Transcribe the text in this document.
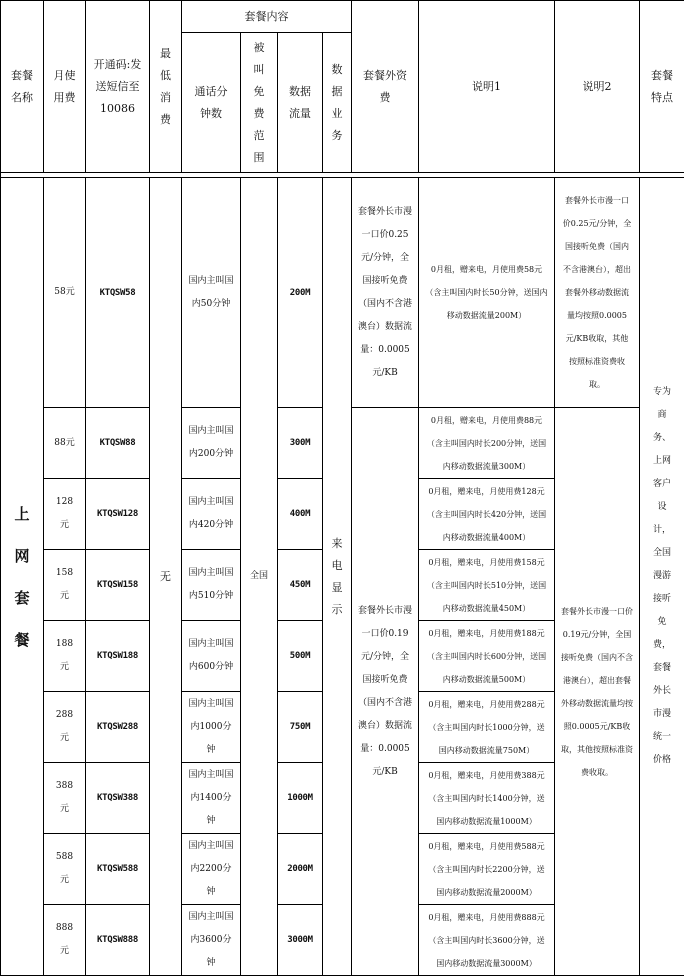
套餐名称	月使用费	开通码:发送短信至10086	最低消费	套餐内容				套餐外资费	说明1	说明2	套餐特点

				通话分钟数	被叫免费范围	数据流量	数据业务				

上网套餐	58元	KTQSW58	无	国内主叫国内50分钟	全国	200M	来电显示	套餐外长市漫一口价0.25元/分钟，全国接听免费（国内不含港澳台）数据流量：0.0005元/KB	0月租，赠来电，月使用费58元（含主叫国内时长50分钟，送国内移动数据流量200M）	套餐外长市漫一口价0.25元/分钟，全国接听免费（国内不含港澳台），超出套餐外移动数据流量均按照0.0005元/KB收取，其他按照标准资费收取。	专为商务、上网客户设计，全国漫游接听免费，套餐外长市漫统一价格

	88元	KTQSW88		国内主叫国内200分钟		300M		套餐外长市漫一口价0.19元/分钟，全国接听免费（国内不含港澳台）数据流量：0.0005元/KB	0月租，赠来电，月使用费88元（含主叫国内时长200分钟，送国内移动数据流量300M）	套餐外长市漫一口价0.19元/分钟，全国接听免费（国内不含港澳台），超出套餐外移动数据流量均按照0.0005元/KB收取，其他按照标准资费收取。	

	128元	KTQSW128		国内主叫国内420分钟		400M			0月租，赠来电，月使用费128元（含主叫国内时长420分钟，送国内移动数据流量400M）		

	158元	KTQSW158		国内主叫国内510分钟		450M			0月租，赠来电，月使用费158元（含主叫国内时长510分钟，送国内移动数据流量450M）		

	188元	KTQSW188		国内主叫国内600分钟		500M			0月租，赠来电，月使用费188元（含主叫国内时长600分钟，送国内移动数据流量500M）		

	288元	KTQSW288		国内主叫国内1000分钟		750M			0月租，赠来电，月使用费288元（含主叫国内时长1000分钟，送国内移动数据流量750M）		

	388元	KTQSW388		国内主叫国内1400分钟		1000M			0月租，赠来电，月使用费388元（含主叫国内时长1400分钟，送国内移动数据流量1000M）		

	588元	KTQSW588		国内主叫国内2200分钟		2000M			0月租，赠来电，月使用费588元（含主叫国内时长2200分钟，送国内移动数据流量2000M）		

	888元	KTQSW888		国内主叫国内3600分钟		3000M			0月租，赠来电，月使用费888元（含主叫国内时长3600分钟，送国内移动数据流量3000M）		
